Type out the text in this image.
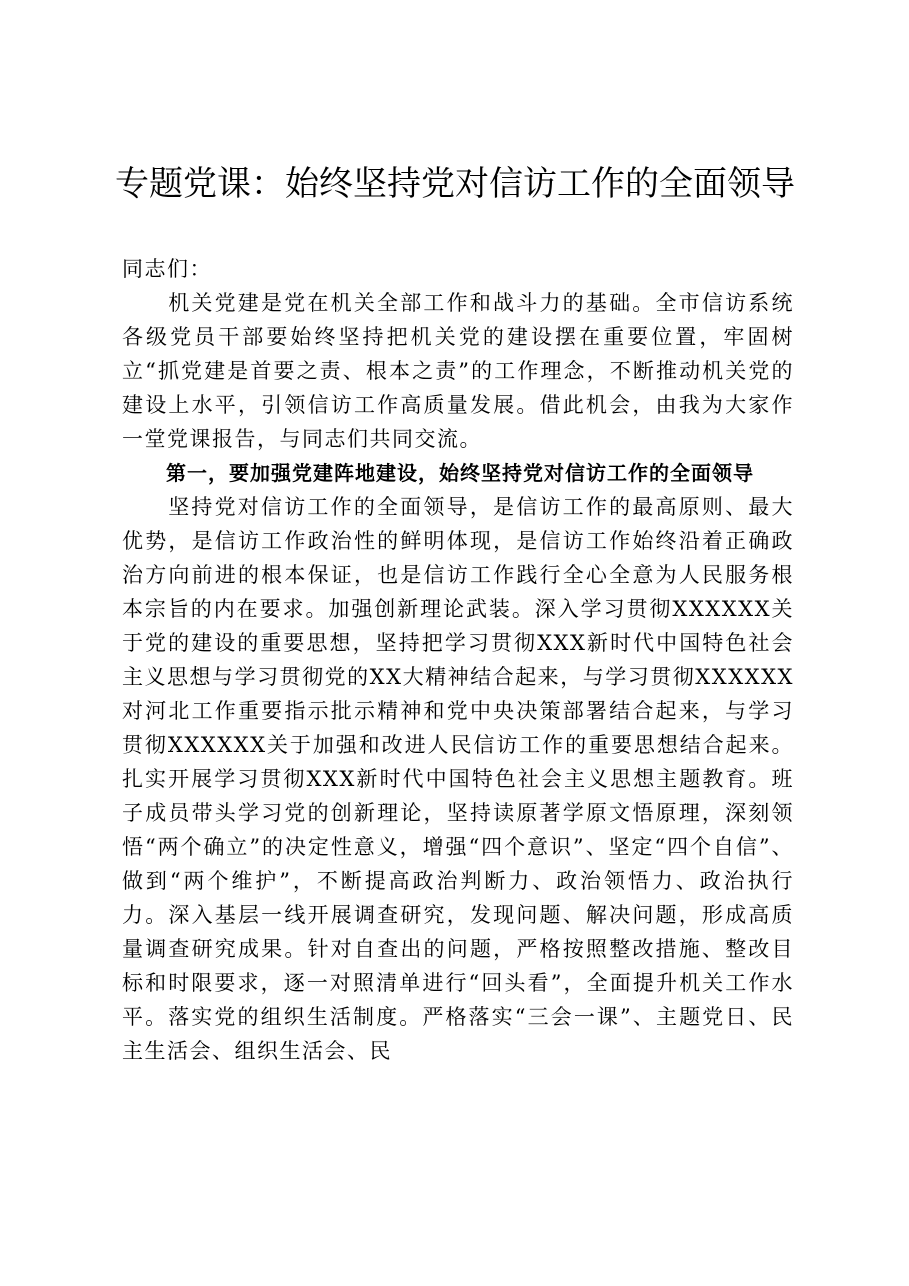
专题党课：始终坚持党对信访工作的全面领导

同志们：

机关党建是党在机关全部工作和战斗力的基础。全市信访系统各级党员干部要始终坚持把机关党的建设摆在重要位置，牢固树立“抓党建是首要之责、根本之责”的工作理念，不断推动机关党的建设上水平，引领信访工作高质量发展。借此机会，由我为大家作一堂党课报告，与同志们共同交流。

第一，要加强党建阵地建设，始终坚持党对信访工作的全面领导

坚持党对信访工作的全面领导，是信访工作的最高原则、最大优势，是信访工作政治性的鲜明体现，是信访工作始终沿着正确政治方向前进的根本保证，也是信访工作践行全心全意为人民服务根本宗旨的内在要求。加强创新理论武装。深入学习贯彻XXXXXX关于党的建设的重要思想，坚持把学习贯彻XXX新时代中国特色社会主义思想与学习贯彻党的XX大精神结合起来，与学习贯彻XXXXXX对河北工作重要指示批示精神和党中央决策部署结合起来，与学习贯彻XXXXXX关于加强和改进人民信访工作的重要思想结合起来。扎实开展学习贯彻XXX新时代中国特色社会主义思想主题教育。班子成员带头学习党的创新理论，坚持读原著学原文悟原理，深刻领悟“两个确立”的决定性意义，增强“四个意识”、坚定“四个自信”、做到“两个维护”，不断提高政治判断力、政治领悟力、政治执行力。深入基层一线开展调查研究，发现问题、解决问题，形成高质量调查研究成果。针对自查出的问题，严格按照整改措施、整改目标和时限要求，逐一对照清单进行“回头看”，全面提升机关工作水平。落实党的组织生活制度。严格落实“三会一课”、主题党日、民主生活会、组织生活会、民
